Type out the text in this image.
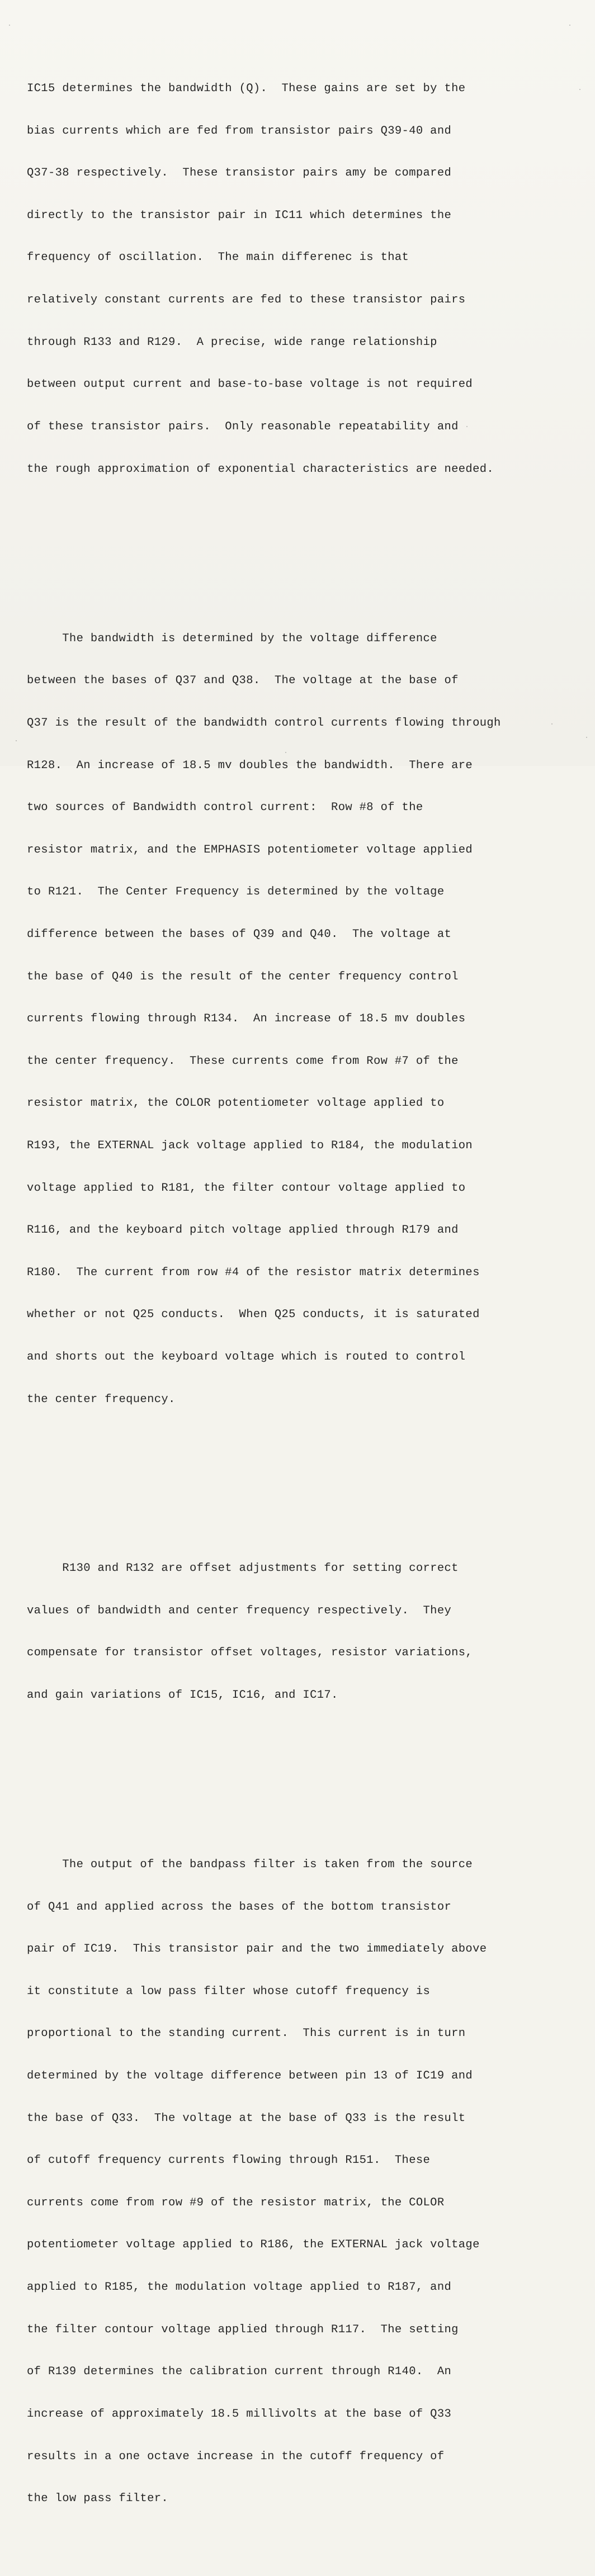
IC15 determines the bandwidth (Q).  These gains are set by the

bias currents which are fed from transistor pairs Q39-40 and

Q37-38 respectively.  These transistor pairs amy be compared

directly to the transistor pair in IC11 which determines the

frequency of oscillation.  The main differenec is that

relatively constant currents are fed to these transistor pairs

through R133 and R129.  A precise, wide range relationship

between output current and base-to-base voltage is not required

of these transistor pairs.  Only reasonable repeatability and

the rough approximation of exponential characteristics are needed.

The bandwidth is determined by the voltage difference

between the bases of Q37 and Q38.  The voltage at the base of

Q37 is the result of the bandwidth control currents flowing through

R128.  An increase of 18.5 mv doubles the bandwidth.  There are

two sources of Bandwidth control current:  Row #8 of the

resistor matrix, and the EMPHASIS potentiometer voltage applied

to R121.  The Center Frequency is determined by the voltage

difference between the bases of Q39 and Q40.  The voltage at

the base of Q40 is the result of the center frequency control

currents flowing through R134.  An increase of 18.5 mv doubles

the center frequency.  These currents come from Row #7 of the

resistor matrix, the COLOR potentiometer voltage applied to

R193, the EXTERNAL jack voltage applied to R184, the modulation

voltage applied to R181, the filter contour voltage applied to

R116, and the keyboard pitch voltage applied through R179 and

R180.  The current from row #4 of the resistor matrix determines

whether or not Q25 conducts.  When Q25 conducts, it is saturated

and shorts out the keyboard voltage which is routed to control

the center frequency.

R130 and R132 are offset adjustments for setting correct

values of bandwidth and center frequency respectively.  They

compensate for transistor offset voltages, resistor variations,

and gain variations of IC15, IC16, and IC17.

The output of the bandpass filter is taken from the source

of Q41 and applied across the bases of the bottom transistor

pair of IC19.  This transistor pair and the two immediately above

it constitute a low pass filter whose cutoff frequency is

proportional to the standing current.  This current is in turn

determined by the voltage difference between pin 13 of IC19 and

the base of Q33.  The voltage at the base of Q33 is the result

of cutoff frequency currents flowing through R151.  These

currents come from row #9 of the resistor matrix, the COLOR

potentiometer voltage applied to R186, the EXTERNAL jack voltage

applied to R185, the modulation voltage applied to R187, and

the filter contour voltage applied through R117.  The setting

of R139 determines the calibration current through R140.  An

increase of approximately 18.5 millivolts at the base of Q33

results in a one octave increase in the cutoff frequency of

the low pass filter.
